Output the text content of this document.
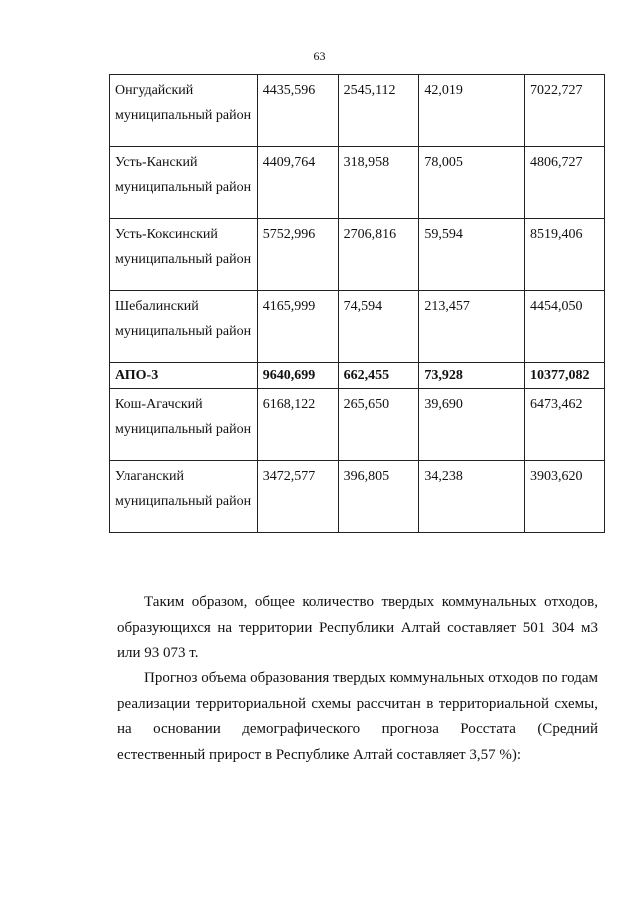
63
Онгудайский муниципальный район	4435,596	2545,112	42,019	7022,727
Усть-Канский муниципальный район	4409,764	318,958	78,005	4806,727
Усть-Коксинский муниципальный район	5752,996	2706,816	59,594	8519,406
Шебалинский муниципальный район	4165,999	74,594	213,457	4454,050
АПО-3	9640,699	662,455	73,928	10377,082
Кош-Агачский муниципальный район	6168,122	265,650	39,690	6473,462
Улаганский муниципальный район	3472,577	396,805	34,238	3903,620

Таким образом, общее количество твердых коммунальных отходов, образующихся на территории Республики Алтай составляет 501 304 м3 или 93 073 т.

Прогноз объема образования твердых коммунальных отходов по годам реализации территориальной схемы рассчитан в территориальной схемы, на основании демографического прогноза Росстата (Средний естественный прирост в Республике Алтай составляет 3,57 %):
